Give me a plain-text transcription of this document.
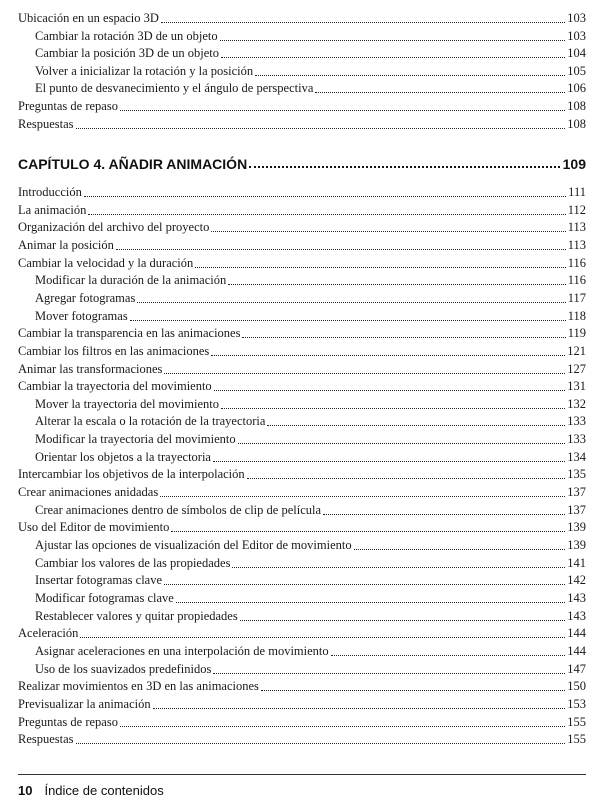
Ubicación en un espacio 3D	103
Cambiar la rotación 3D de un objeto	103
Cambiar la posición 3D de un objeto	104
Volver a inicializar la rotación y la posición	105
El punto de desvanecimiento y el ángulo de perspectiva	106
Preguntas de repaso	108
Respuestas	108
CAPÍTULO 4. AÑADIR ANIMACIÓN	109
Introducción	111
La animación	112
Organización del archivo del proyecto	113
Animar la posición	113
Cambiar la velocidad y la duración	116
Modificar la duración de la animación	116
Agregar fotogramas	117
Mover fotogramas	118
Cambiar la transparencia en las animaciones	119
Cambiar los filtros en las animaciones	121
Animar las transformaciones	127
Cambiar la trayectoria del movimiento	131
Mover la trayectoria del movimiento	132
Alterar la escala o la rotación de la trayectoria	133
Modificar la trayectoria del movimiento	133
Orientar los objetos a la trayectoria	134
Intercambiar los objetivos de la interpolación	135
Crear animaciones anidadas	137
Crear animaciones dentro de símbolos de clip de película	137
Uso del Editor de movimiento	139
Ajustar las opciones de visualización del Editor de movimiento	139
Cambiar los valores de las propiedades	141
Insertar fotogramas clave	142
Modificar fotogramas clave	143
Restablecer valores y quitar propiedades	143
Aceleración	144
Asignar aceleraciones en una interpolación de movimiento	144
Uso de los suavizados predefinidos	147
Realizar movimientos en 3D en las animaciones	150
Previsualizar la animación	153
Preguntas de repaso	155
Respuestas	155
10 Índice de contenidos
